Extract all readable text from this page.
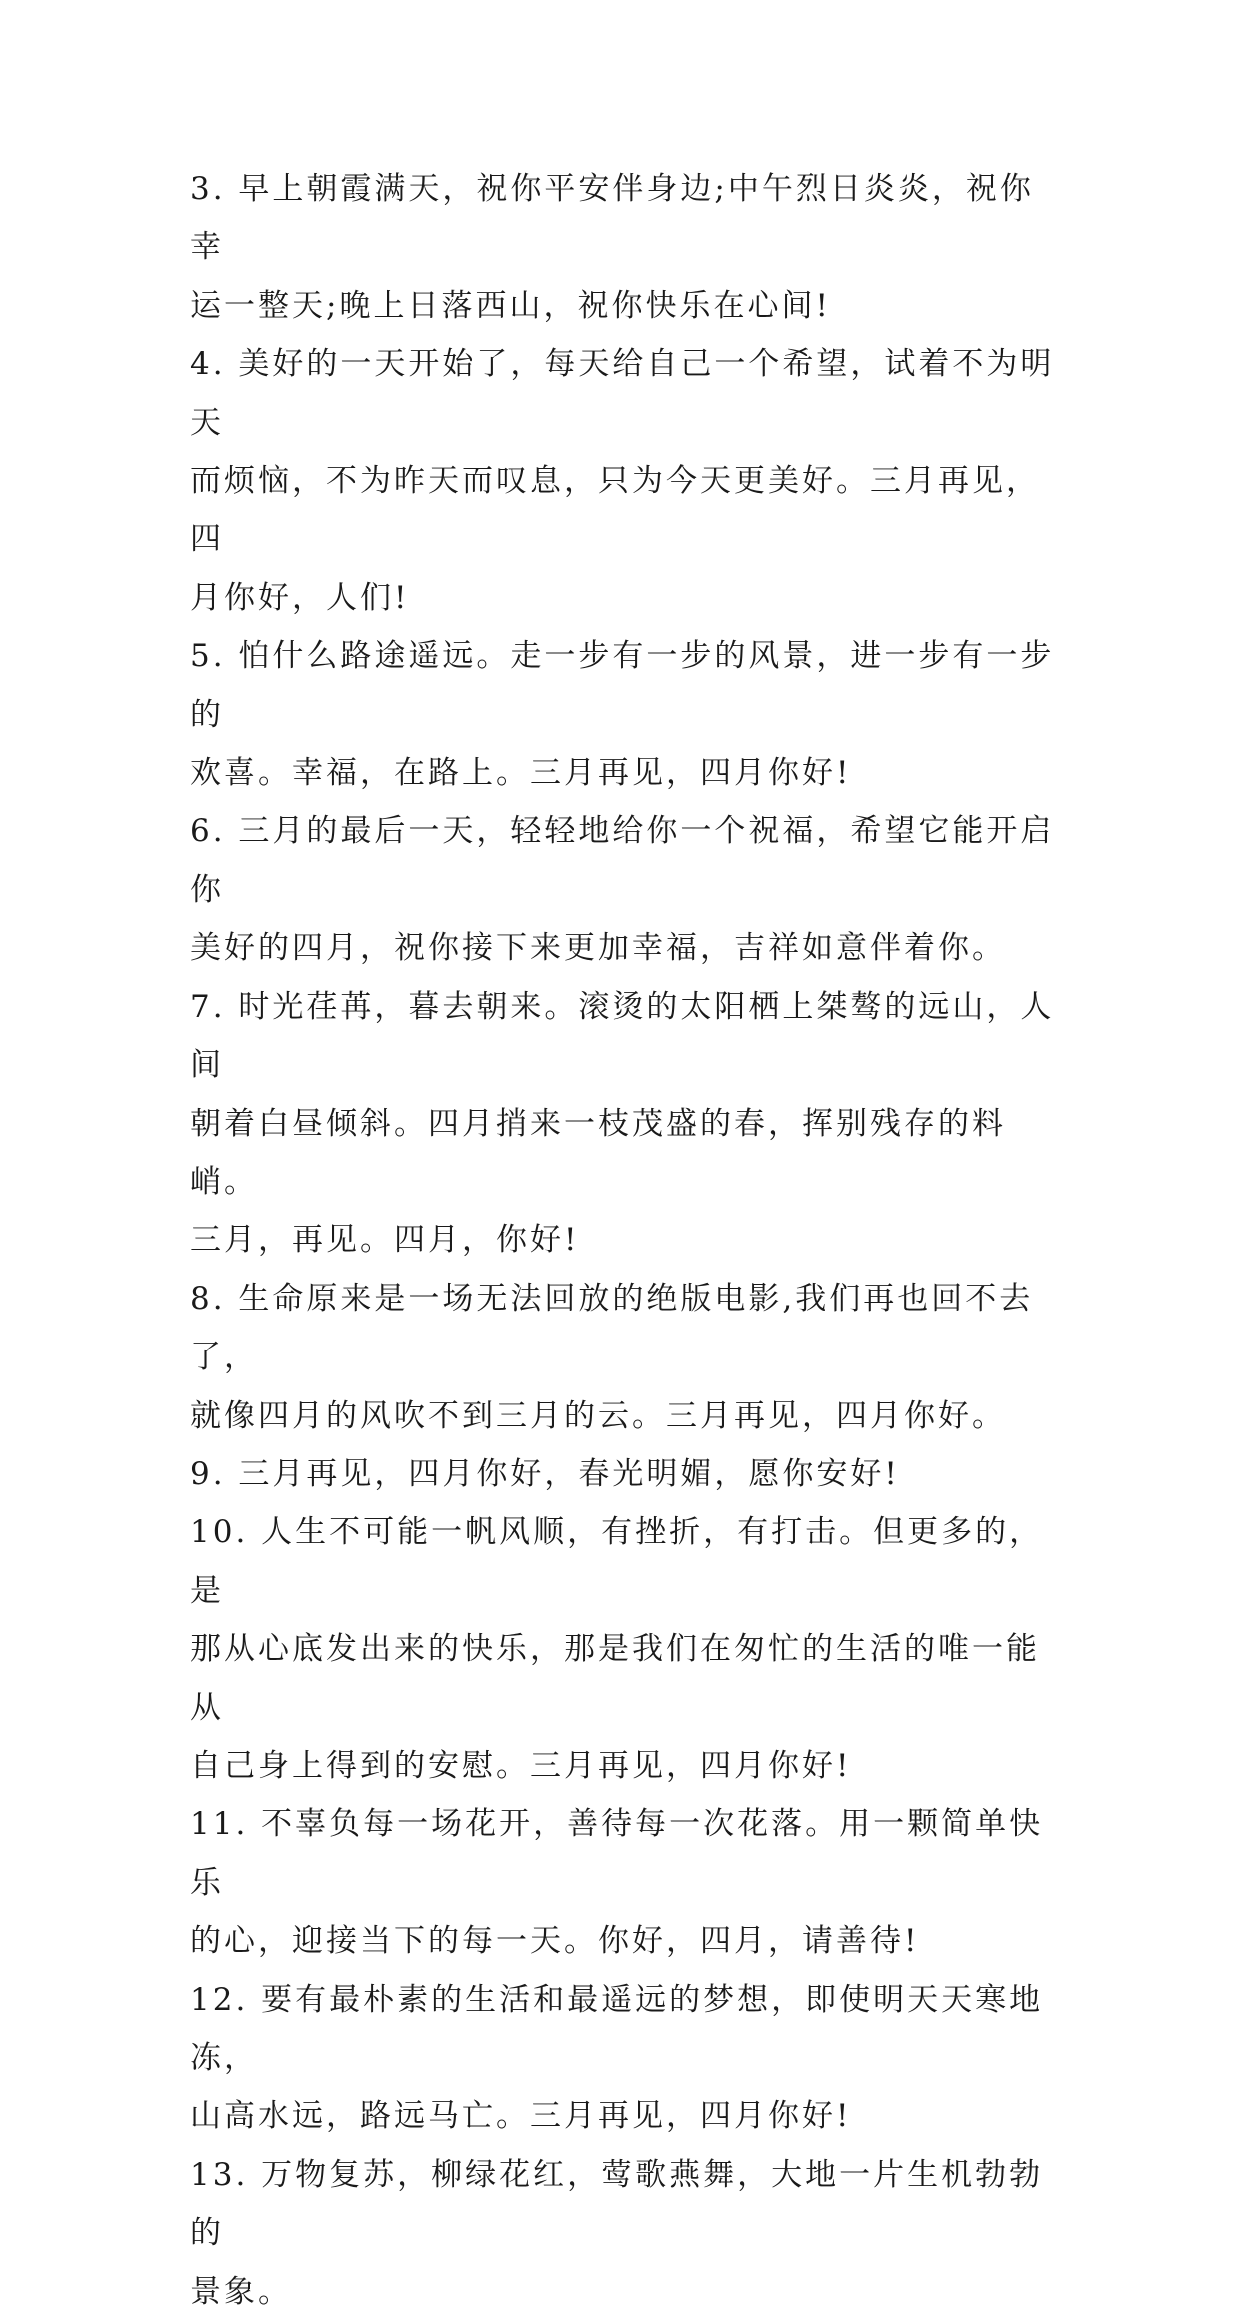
3. 早上朝霞满天，祝你平安伴身边;中午烈日炎炎，祝你幸
运一整天;晚上日落西山，祝你快乐在心间!

4. 美好的一天开始了，每天给自己一个希望，试着不为明天
而烦恼，不为昨天而叹息，只为今天更美好。三月再见，四
月你好，人们!

5. 怕什么路途遥远。走一步有一步的风景，进一步有一步的
欢喜。幸福，在路上。三月再见，四月你好!

6. 三月的最后一天，轻轻地给你一个祝福，希望它能开启你
美好的四月，祝你接下来更加幸福，吉祥如意伴着你。

7. 时光荏苒，暮去朝来。滚烫的太阳栖上桀骜的远山，人间
朝着白昼倾斜。四月捎来一枝茂盛的春，挥别残存的料峭。
三月，再见。四月，你好!

8. 生命原来是一场无法回放的绝版电影,我们再也回不去了，
就像四月的风吹不到三月的云。三月再见，四月你好。

9. 三月再见，四月你好，春光明媚，愿你安好!

10. 人生不可能一帆风顺，有挫折，有打击。但更多的，是
那从心底发出来的快乐，那是我们在匆忙的生活的唯一能从
自己身上得到的安慰。三月再见，四月你好!

11. 不辜负每一场花开，善待每一次花落。用一颗简单快乐
的心，迎接当下的每一天。你好，四月，请善待!

12. 要有最朴素的生活和最遥远的梦想，即使明天天寒地冻，
山高水远，路远马亡。三月再见，四月你好!

13. 万物复苏，柳绿花红，莺歌燕舞，大地一片生机勃勃的
景象。
